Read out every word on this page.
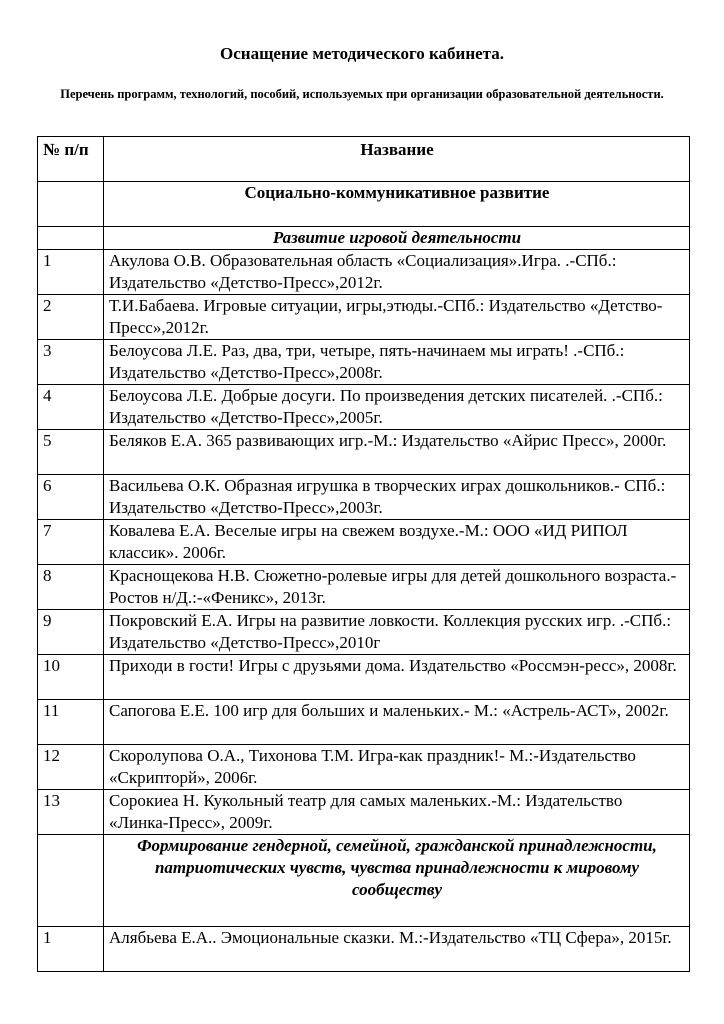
Оснащение методического кабинета.
Перечень программ, технологий, пособий, используемых при организации образовательной деятельности.
№ п/п	Название
	Социально-коммуникативное развитие
	Развитие игровой деятельности
1	Акулова О.В. Образовательная область «Социализация».Игра. .-СПб.: Издательство «Детство-Пресс»,2012г.
2	Т.И.Бабаева. Игровые ситуации, игры,этюды.-СПб.: Издательство «Детство-Пресс»,2012г.
3	Белоусова Л.Е. Раз, два, три, четыре, пять-начинаем мы играть! .-СПб.: Издательство «Детство-Пресс»,2008г.
4	Белоусова Л.Е. Добрые досуги. По произведения детских писателей. .-СПб.: Издательство «Детство-Пресс»,2005г.
5	Беляков Е.А. 365 развивающих игр.-М.: Издательство «Айрис Пресс», 2000г.
6	Васильева О.К. Образная игрушка в творческих играх дошкольников.- СПб.: Издательство «Детство-Пресс»,2003г.
7	Ковалева Е.А. Веселые игры на свежем воздухе.-М.: ООО «ИД РИПОЛ классик». 2006г.
8	Краснощекова Н.В. Сюжетно-ролевые игры для детей дошкольного возраста.-Ростов н/Д.:-«Феникс», 2013г.
9	Покровский Е.А. Игры на развитие ловкости. Коллекция русских игр. .-СПб.: Издательство «Детство-Пресс»,2010г
10	Приходи в гости! Игры с друзьями дома. Издательство «Россмэн-ресс», 2008г.
11	Сапогова Е.Е. 100 игр для больших и маленьких.- М.: «Астрель-АСТ», 2002г.
12	Скоролупова О.А., Тихонова Т.М. Игра-как праздник!- М.:-Издательство «Скрипторй», 2006г.
13	Сорокиеа Н. Кукольный театр для самых маленьких.-М.: Издательство «Линка-Пресс», 2009г.
	Формирование гендерной, семейной, гражданской принадлежности, патриотических чувств, чувства принадлежности к мировому сообществу
1	Алябьева Е.А.. Эмоциональные сказки. М.:-Издательство «ТЦ Сфера», 2015г.
